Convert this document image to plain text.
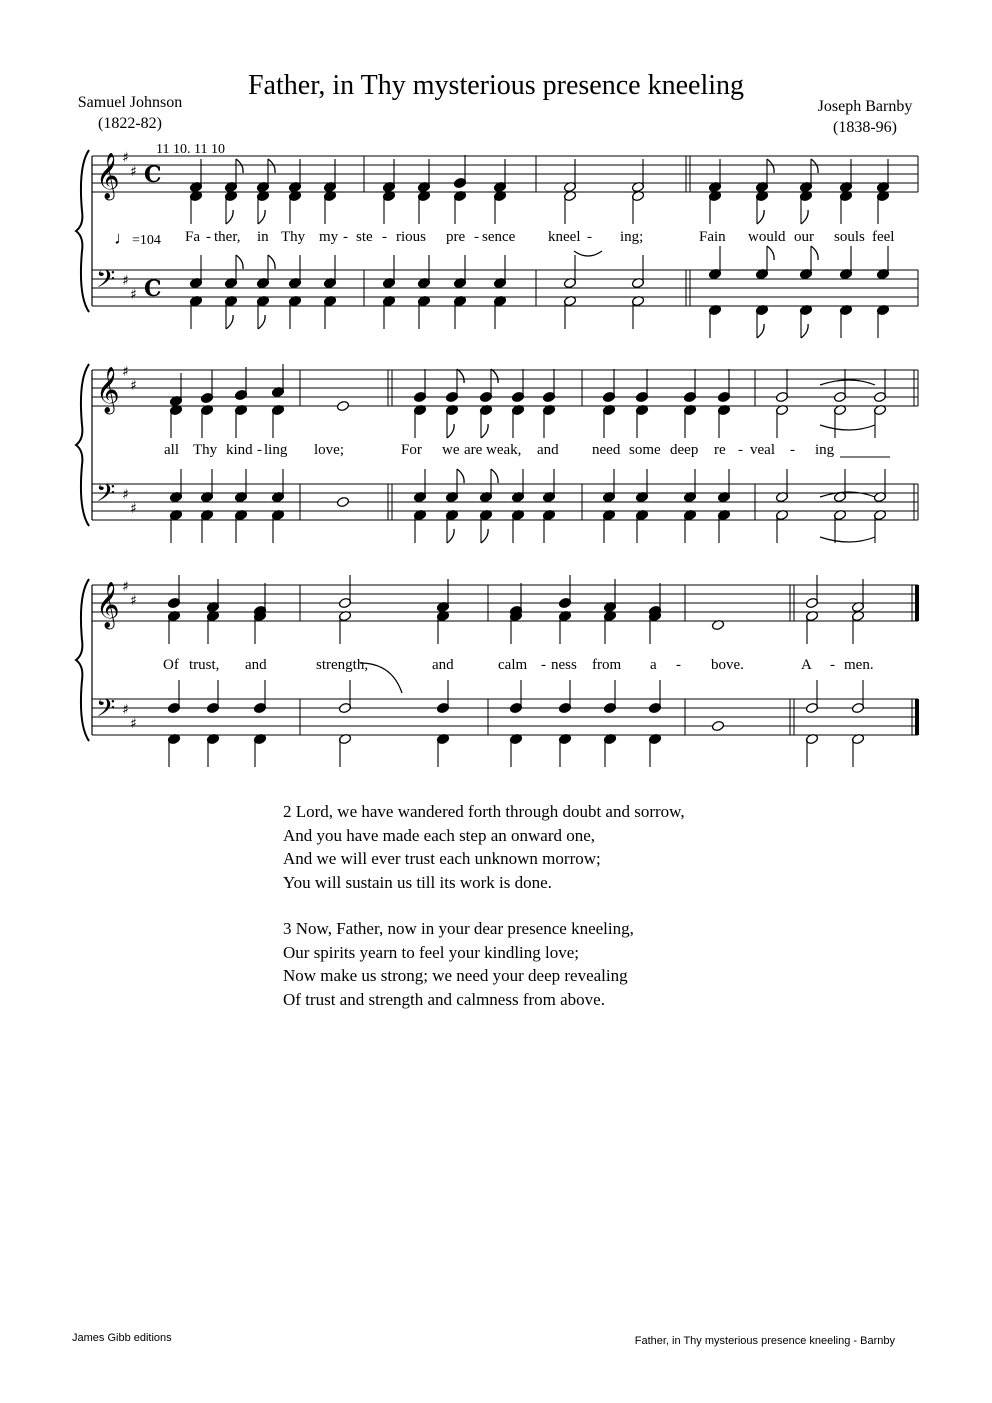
Father, in Thy mysterious presence kneeling
Samuel Johnson
(1822-82)
Joseph Barnby
(1838-96)
11 10. 11 10
𝄞
𝄢
♯
♯
♯
♯
C
C
𝄞
𝄢
♯
♯
♯
♯
𝄞
𝄢
♯
♯
♯
♯
♩=104 Fa - ther, in Thy my - ste - rious pre - sence kneel - ing;	Fain would our souls feel
all Thy kind - ling love;	For we are weak, and need some deep re - veal - ing
Of trust, and	strength,	and	calm - ness from a - bove.	A - men.
2 Lord, we have wandered forth through doubt and sorrow,
And you have made each step an onward one,
And we will ever trust each unknown morrow;
You will sustain us till its work is done.
3 Now, Father, now in your dear presence kneeling,
Our spirits yearn to feel your kindling love;
Now make us strong; we need your deep revealing
Of trust and strength and calmness from above.
James Gibb editions	Father, in Thy mysterious presence kneeling - Barnby
